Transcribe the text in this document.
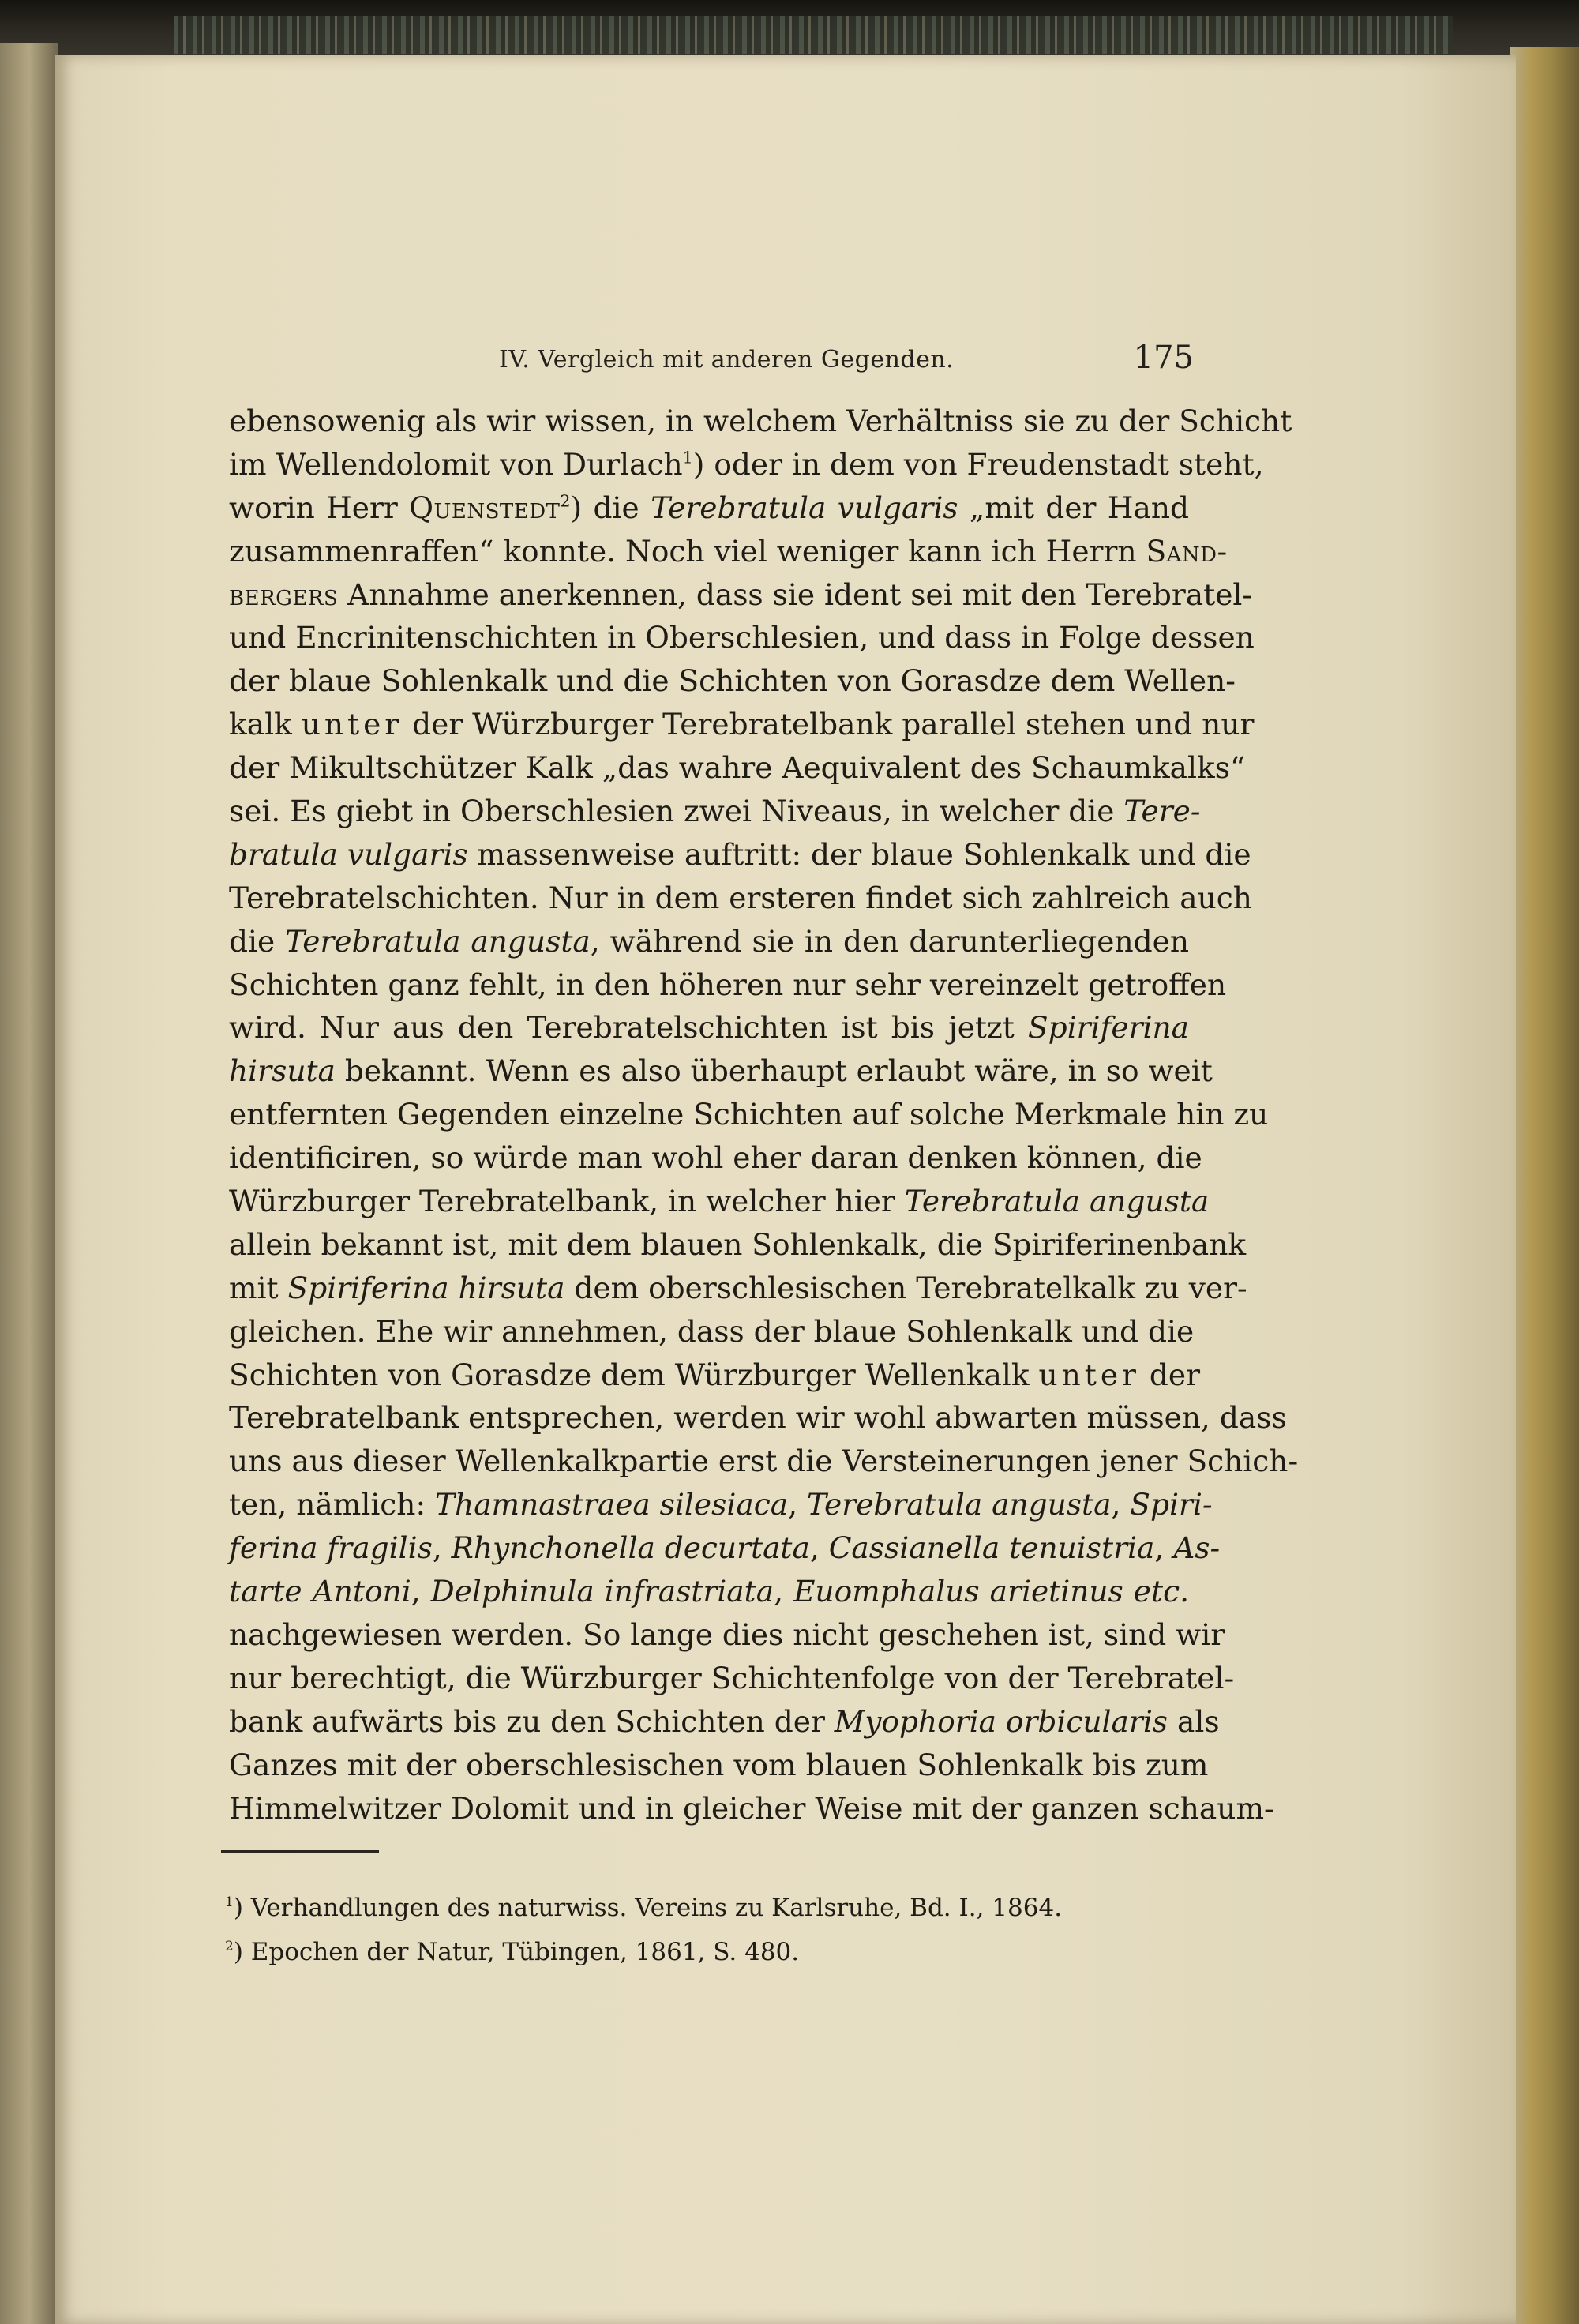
IV. Vergleich mit anderen Gegenden.	175
ebensowenig als wir wissen, in welchem Verhältniss sie zu der Schicht
im Wellendolomit von Durlach$^1$) oder in dem von Freudenstadt steht,
worin Herr Quenstedt$^2$) die Terebratula vulgaris „mit der Hand
zusammenraffen“ konnte. Noch viel weniger kann ich Herrn Sand-
bergers Annahme anerkennen, dass sie ident sei mit den Terebratel-
und Encrinitenschichten in Oberschlesien, und dass in Folge dessen
der blaue Sohlenkalk und die Schichten von Gorasdze dem Wellen-
kalk unter der Würzburger Terebratelbank parallel stehen und nur
der Mikultschützer Kalk „das wahre Aequivalent des Schaumkalks“
sei. Es giebt in Oberschlesien zwei Niveaus, in welcher die Tere-
bratula vulgaris massenweise auftritt: der blaue Sohlenkalk und die
Terebratelschichten. Nur in dem ersteren findet sich zahlreich auch
die Terebratula angusta, während sie in den darunterliegenden
Schichten ganz fehlt, in den höheren nur sehr vereinzelt getroffen
wird. Nur aus den Terebratelschichten ist bis jetzt Spiriferina
hirsuta bekannt. Wenn es also überhaupt erlaubt wäre, in so weit
entfernten Gegenden einzelne Schichten auf solche Merkmale hin zu
identificiren, so würde man wohl eher daran denken können, die
Würzburger Terebratelbank, in welcher hier Terebratula angusta
allein bekannt ist, mit dem blauen Sohlenkalk, die Spiriferinenbank
mit Spiriferina hirsuta dem oberschlesischen Terebratelkalk zu ver-
gleichen. Ehe wir annehmen, dass der blaue Sohlenkalk und die
Schichten von Gorasdze dem Würzburger Wellenkalk unter der
Terebratelbank entsprechen, werden wir wohl abwarten müssen, dass
uns aus dieser Wellenkalkpartie erst die Versteinerungen jener Schich-
ten, nämlich: Thamnastraea silesiaca, Terebratula angusta, Spiri-
ferina fragilis, Rhynchonella decurtata, Cassianella tenuistria, As-
tarte Antoni, Delphinula infrastriata, Euomphalus arietinus etc.
nachgewiesen werden. So lange dies nicht geschehen ist, sind wir
nur berechtigt, die Würzburger Schichtenfolge von der Terebratel-
bank aufwärts bis zu den Schichten der Myophoria orbicularis als
Ganzes mit der oberschlesischen vom blauen Sohlenkalk bis zum
Himmelwitzer Dolomit und in gleicher Weise mit der ganzen schaum-
$^1$) Verhandlungen des naturwiss. Vereins zu Karlsruhe, Bd. I., 1864.
$^2$) Epochen der Natur, Tübingen, 1861, S. 480.
